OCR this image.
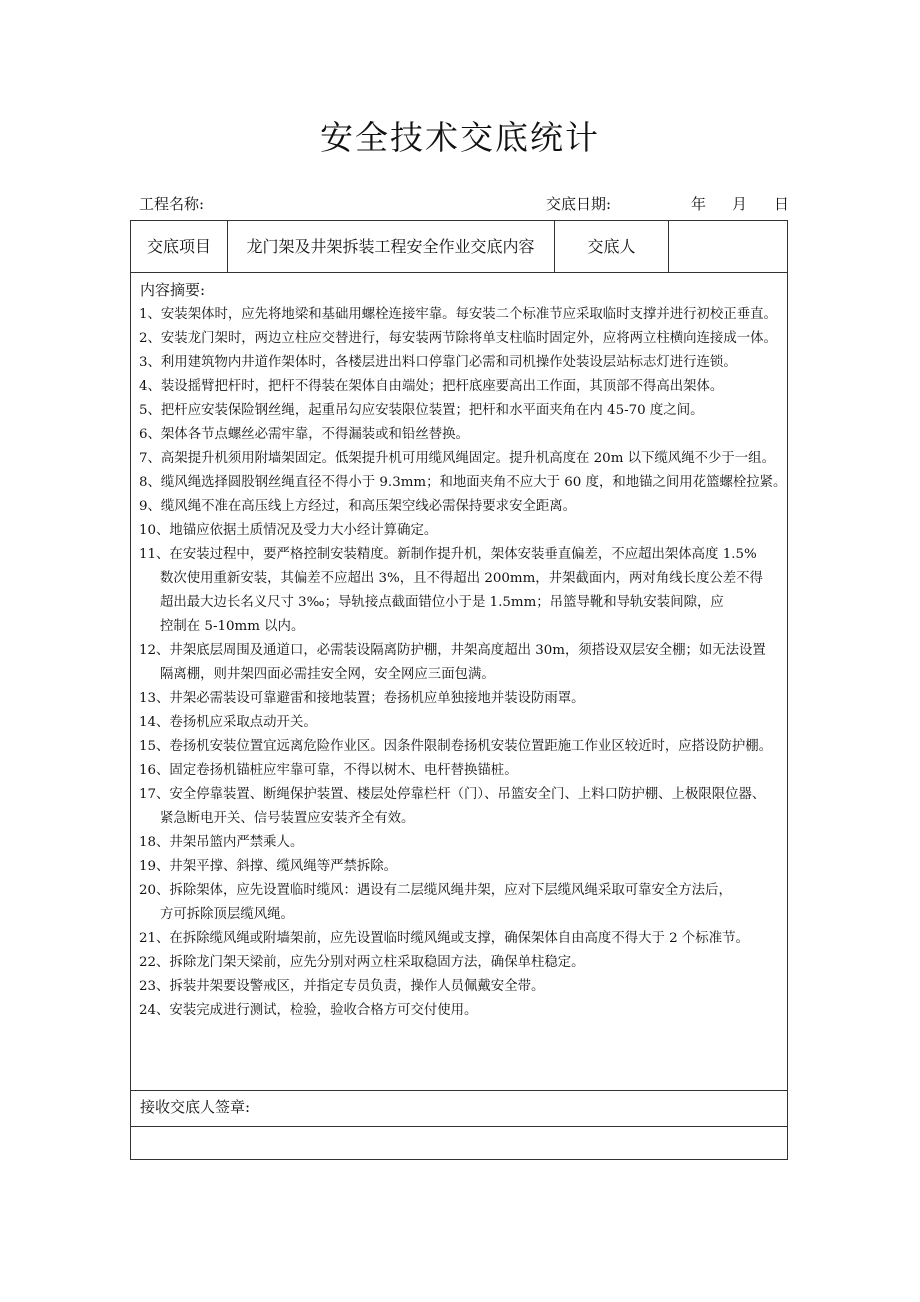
安全技术交底统计
工程名称:	交底日期:	年 月 日
交底项目	龙门架及井架拆装工程安全作业交底内容	交底人
内容摘要:

1、安装架体时，应先将地梁和基础用螺栓连接牢靠。每安装二个标准节应采取临时支撑并进行初校正垂直。

2、安装龙门架时，两边立柱应交替进行，每安装两节除将单支柱临时固定外，应将两立柱横向连接成一体。

3、利用建筑物内井道作架体时，各楼层进出料口停靠门必需和司机操作处装设层站标志灯进行连锁。

4、装设摇臂把杆时，把杆不得装在架体自由端处；把杆底座要高出工作面，其顶部不得高出架体。

5、把杆应安装保险钢丝绳，起重吊勾应安装限位装置；把杆和水平面夹角在内 45-70 度之间。

6、架体各节点螺丝必需牢靠，不得漏装或和铅丝替换。

7、高架提升机须用附墙架固定。低架提升机可用缆风绳固定。提升机高度在 20m 以下缆风绳不少于一组。

8、缆风绳选择圆股钢丝绳直径不得小于 9.3mm；和地面夹角不应大于 60 度，和地锚之间用花篮螺栓拉紧。

9、缆风绳不准在高压线上方经过，和高压架空线必需保持要求安全距离。

10、地锚应依据土质情况及受力大小经计算确定。

11、在安装过程中，要严格控制安装精度。新制作提升机，架体安装垂直偏差，不应超出架体高度 1.5%
数次使用重新安装，其偏差不应超出 3%，且不得超出 200mm，井架截面内，两对角线长度公差不得
超出最大边长名义尺寸 3‰；导轨接点截面错位小于是 1.5mm；吊篮导靴和导轨安装间隙，应
控制在 5-10mm 以内。

12、井架底层周围及通道口，必需装设隔离防护棚，井架高度超出 30m，须搭设双层安全棚；如无法设置
隔离棚，则井架四面必需挂安全网，安全网应三面包满。

13、井架必需装设可靠避雷和接地装置；卷扬机应单独接地并装设防雨罩。

14、卷扬机应采取点动开关。

15、卷扬机安装位置宜远离危险作业区。因条件限制卷扬机安装位置距施工作业区较近时，应搭设防护棚。

16、固定卷扬机锚桩应牢靠可靠，不得以树木、电杆替换锚桩。

17、安全停靠装置、断绳保护装置、楼层处停靠栏杆（门）、吊篮安全门、上料口防护棚、上极限限位器、
紧急断电开关、信号装置应安装齐全有效。

18、井架吊篮内严禁乘人。

19、井架平撑、斜撑、缆风绳等严禁拆除。

20、拆除架体，应先设置临时缆风：遇设有二层缆风绳井架，应对下层缆风绳采取可靠安全方法后，
方可拆除顶层缆风绳。

21、在拆除缆风绳或附墙架前，应先设置临时缆风绳或支撑，确保架体自由高度不得大于 2 个标准节。

22、拆除龙门架天梁前，应先分别对两立柱采取稳固方法，确保单柱稳定。

23、拆装井架要设警戒区，并指定专员负责，操作人员佩戴安全带。

24、安装完成进行测试，检验，验收合格方可交付使用。

接收交底人签章:
